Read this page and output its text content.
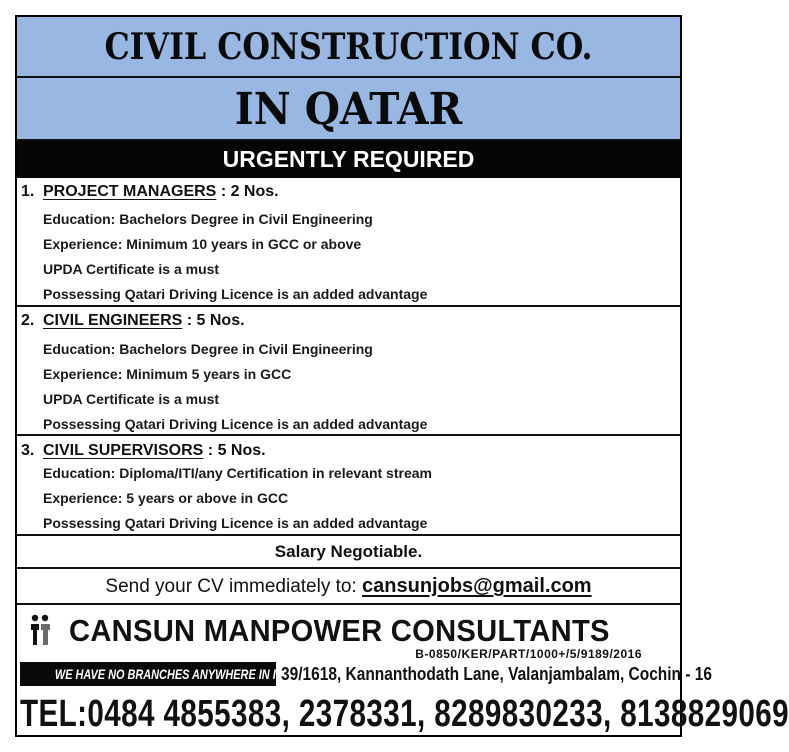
CIVIL CONSTRUCTION CO.
IN QATAR
URGENTLY REQUIRED
1. PROJECT MANAGERS : 2 Nos.
Education: Bachelors Degree in Civil Engineering
Experience: Minimum 10 years in GCC or above
UPDA Certificate is a must
Possessing Qatari Driving Licence is an added advantage
2. CIVIL ENGINEERS : 5 Nos.
Education: Bachelors Degree in Civil Engineering
Experience: Minimum 5 years in GCC
UPDA Certificate is a must
Possessing Qatari Driving Licence is an added advantage
3. CIVIL SUPERVISORS : 5 Nos.
Education: Diploma/ITI/any Certification in relevant stream
Experience: 5 years or above in GCC
Possessing Qatari Driving Licence is an added advantage
Salary Negotiable.
Send your CV immediately to: cansunjobs@gmail.com
CANSUN MANPOWER CONSULTANTS
B-0850/KER/PART/1000+/5/9189/2016
WE HAVE NO BRANCHES ANYWHERE IN INDIA
39/1618, Kannanthodath Lane, Valanjambalam, Cochin - 16
TEL:0484 4855383, 2378331, 8289830233, 8138829069
